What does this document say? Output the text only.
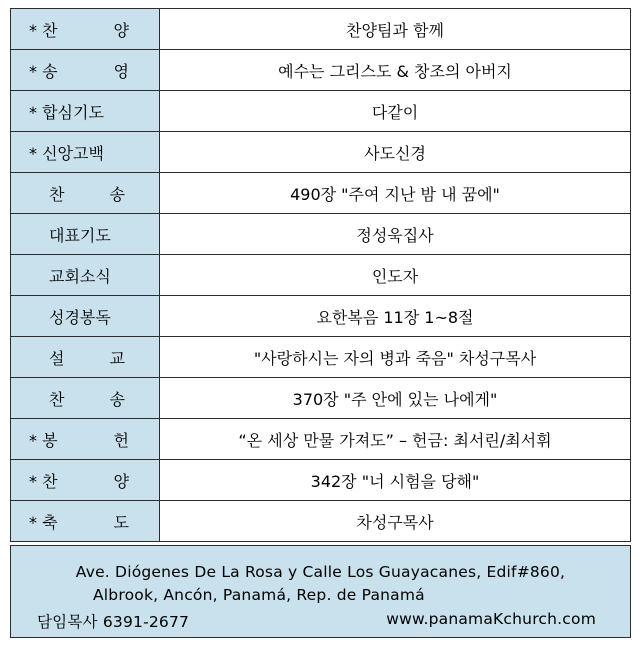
* 찬 양	찬양팀과 함께

* 송 영	예수는 그리스도 & 창조의 아버지

* 합심기도	다같이

* 신앙고백	사도신경

찬 송	490장 "주여 지난 밤 내 꿈에"

대표기도	정성욱집사

교회소식	인도자

성경봉독	요한복음 11장 1~8절

설 교	"사랑하시는 자의 병과 죽음" 차성구목사

찬 송	370장 "주 안에 있는 나에게"

* 봉 헌	“온 세상 만물 가져도” – 헌금: 최서린/최서휘

* 찬 양	342장 "너 시험을 당해"

* 축 도	차성구목사
Ave. Diógenes De La Rosa y Calle Los Guayacanes, Edif#860,
Albrook, Ancón, Panamá, Rep. de Panamá
담임목사 6391-2677	www.panamaKchurch.com
